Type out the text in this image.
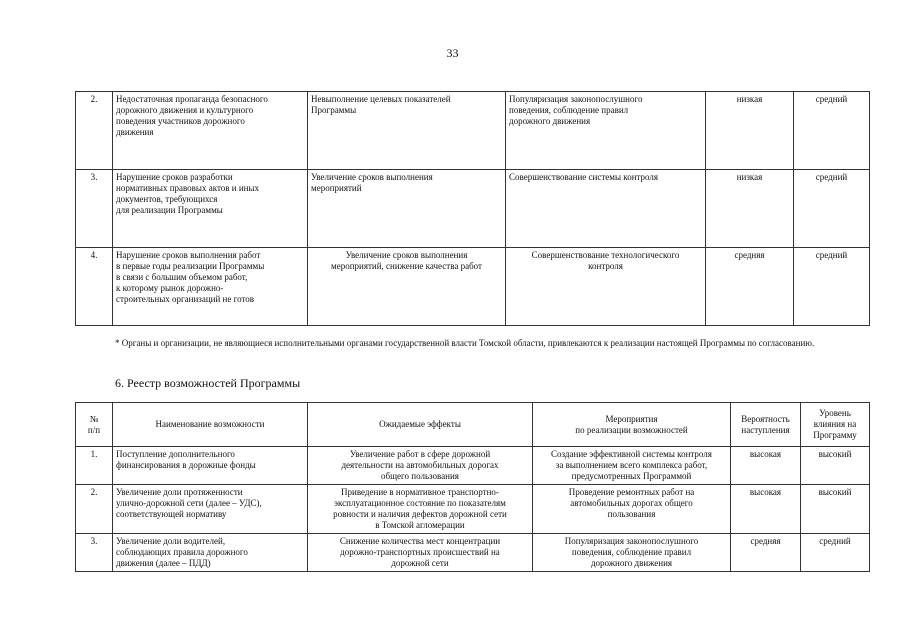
33
2.	Недостаточная пропаганда безопасного
дорожного движения и культурного
поведения участников дорожного
движения	Невыполнение целевых показателей
Программы	Популяризация законопослушного
поведения, соблюдение правил
дорожного движения	низкая	средний
3.	Нарушение сроков разработки
нормативных правовых актов и иных
документов, требующихся
для реализации Программы	Увеличение сроков выполнения
мероприятий	Совершенствование системы контроля	низкая	средний
4.	Нарушение сроков выполнения работ
в первые годы реализации Программы
в связи с большим объемом работ,
к которому рынок дорожно-
строительных организаций не готов	Увеличение сроков выполнения
мероприятий, снижение качества работ	Совершенствование технологического
контроля	средняя	средний
* Органы и организации, не являющиеся исполнительными органами государственной власти Томской области, привлекаются к реализации настоящей Программы по согласованию.
6. Реестр возможностей Программы
№
п/п	Наименование возможности	Ожидаемые эффекты	Мероприятия
по реализации возможностей	Вероятность
наступления	Уровень
влияния на
Программу

1.	Поступление дополнительного
финансирования в дорожные фонды	Увеличение работ в сфере дорожной
деятельности на автомобильных дорогах
общего пользования	Создание эффективной системы контроля
за выполнением всего комплекса работ,
предусмотренных Программой	высокая	высокий
2.	Увеличение доли протяженности
улично-дорожной сети (далее – УДС),
соответствующей нормативу	Приведение в нормативное транспортно-
эксплуатационное состояние по показателям
ровности и наличия дефектов дорожной сети
в Томской агломерации	Проведение ремонтных работ на
автомобильных дорогах общего
пользования	высокая	высокий
3.	Увеличение доли водителей,
соблюдающих правила дорожного
движения (далее – ПДД)	Снижение количества мест концентрации
дорожно-транспортных происшествий на
дорожной сети	Популяризация законопослушного
поведения, соблюдение правил
дорожного движения	средняя	средний
